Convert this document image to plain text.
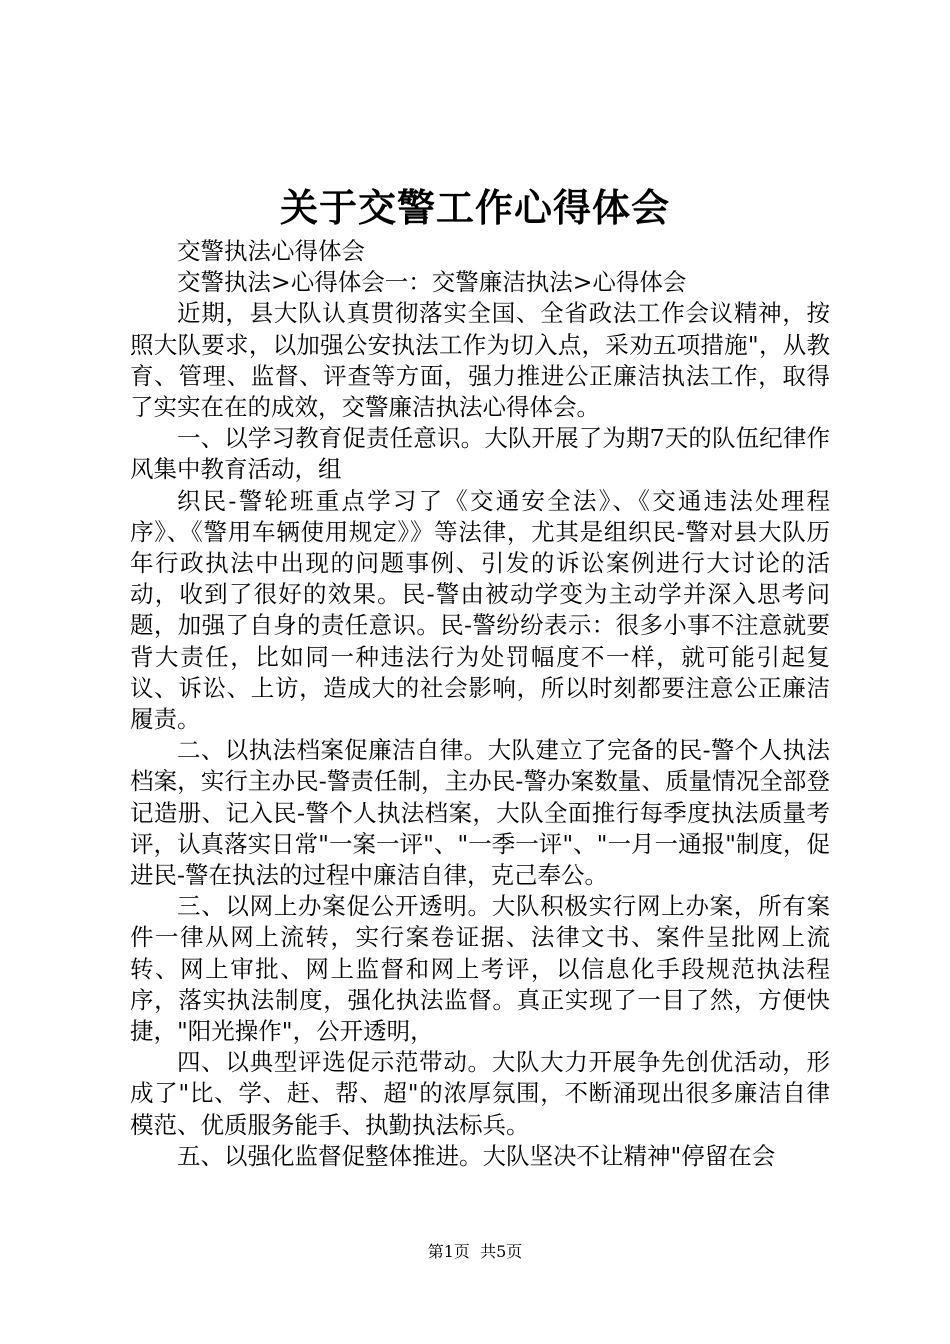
关于交警工作心得体会

交警执法心得体会

交警执法>心得体会一：交警廉洁执法>心得体会

近期，县大队认真贯彻落实全国、全省政法工作会议精神，按照大队要求，以加强公安执法工作为切入点，采劝五项措施"，从教育、管理、监督、评查等方面，强力推进公正廉洁执法工作，取得了实实在在的成效，交警廉洁执法心得体会。

一、以学习教育促责任意识。大队开展了为期7天的队伍纪律作风集中教育活动，组

织民-警轮班重点学习了《交通安全法》、《交通违法处理程序》、《警用车辆使用规定》》等法律，尤其是组织民-警对县大队历年行政执法中出现的问题事例、引发的诉讼案例进行大讨论的活动，收到了很好的效果。民-警由被动学变为主动学并深入思考问题，加强了自身的责任意识。民-警纷纷表示：很多小事不注意就要背大责任，比如同一种违法行为处罚幅度不一样，就可能引起复议、诉讼、上访，造成大的社会影响，所以时刻都要注意公正廉洁履责。

二、以执法档案促廉洁自律。大队建立了完备的民-警个人执法档案，实行主办民-警责任制，主办民-警办案数量、质量情况全部登记造册、记入民-警个人执法档案，大队全面推行每季度执法质量考评，认真落实日常"一案一评"、"一季一评"、"一月一通报"制度，促进民-警在执法的过程中廉洁自律，克己奉公。

三、以网上办案促公开透明。大队积极实行网上办案，所有案件一律从网上流转，实行案卷证据、法律文书、案件呈批网上流转、网上审批、网上监督和网上考评，以信息化手段规范执法程序，落实执法制度，强化执法监督。真正实现了一目了然，方便快捷，"阳光操作"，公开透明，

四、以典型评选促示范带动。大队大力开展争先创优活动，形成了"比、学、赶、帮、超"的浓厚氛围，不断涌现出很多廉洁自律模范、优质服务能手、执勤执法标兵。

五、以强化监督促整体推进。大队坚决不让精神"停留在会

第1页  共5页
